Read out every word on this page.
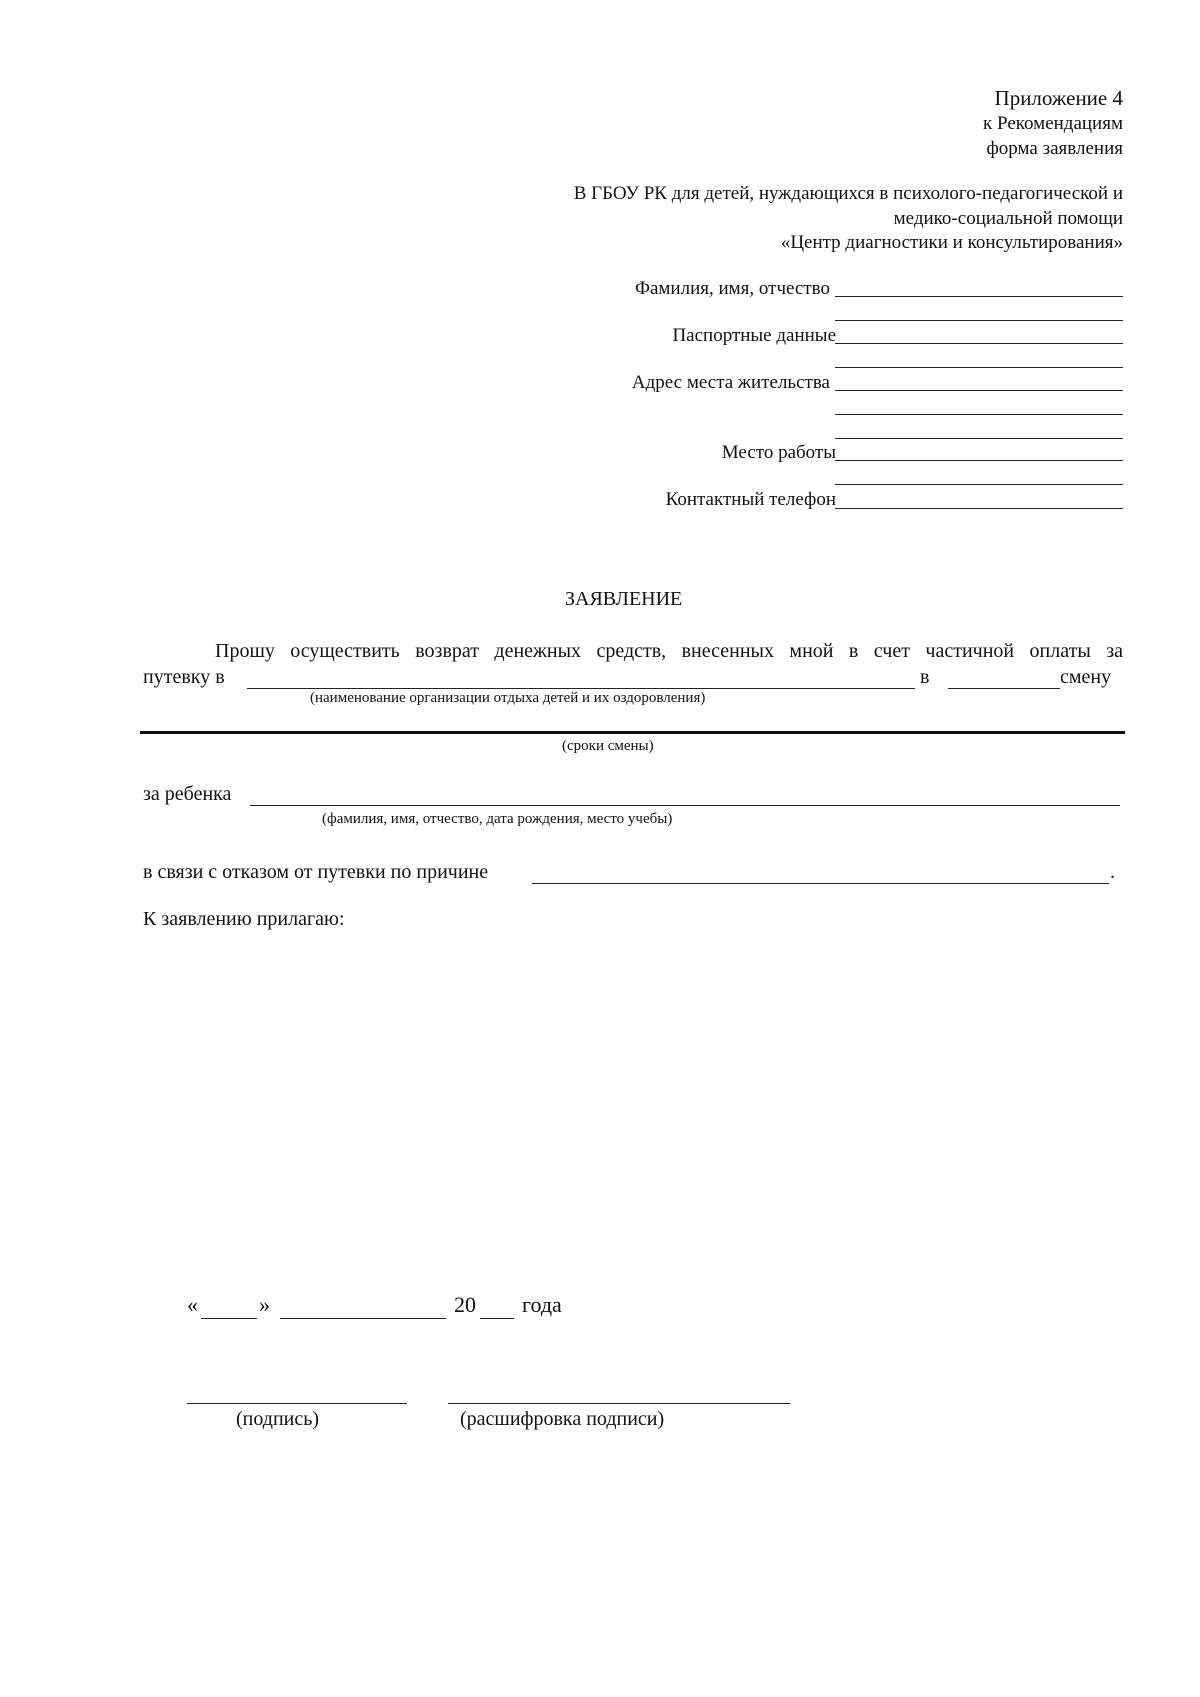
Приложение 4
к Рекомендациям
форма заявления
В ГБОУ РК для детей, нуждающихся в психолого-педагогической и
медико-социальной помощи
«Центр диагностики и консультирования»
Фамилия, имя, отчество
Паспортные данные
Адрес места жительства
Место работы
Контактный телефон
ЗАЯВЛЕНИЕ
Прошу осуществить возврат денежных средств, внесенных мной в счет частичной оплаты за
путевку в	в	смену
(наименование организации отдыха детей и их оздоровления)
(сроки смены)
за ребенка
(фамилия, имя, отчество, дата рождения, место учебы)
в связи с отказом от путевки по причине	.
К заявлению прилагаю:
«	»	20 года
(подпись)	(расшифровка подписи)
